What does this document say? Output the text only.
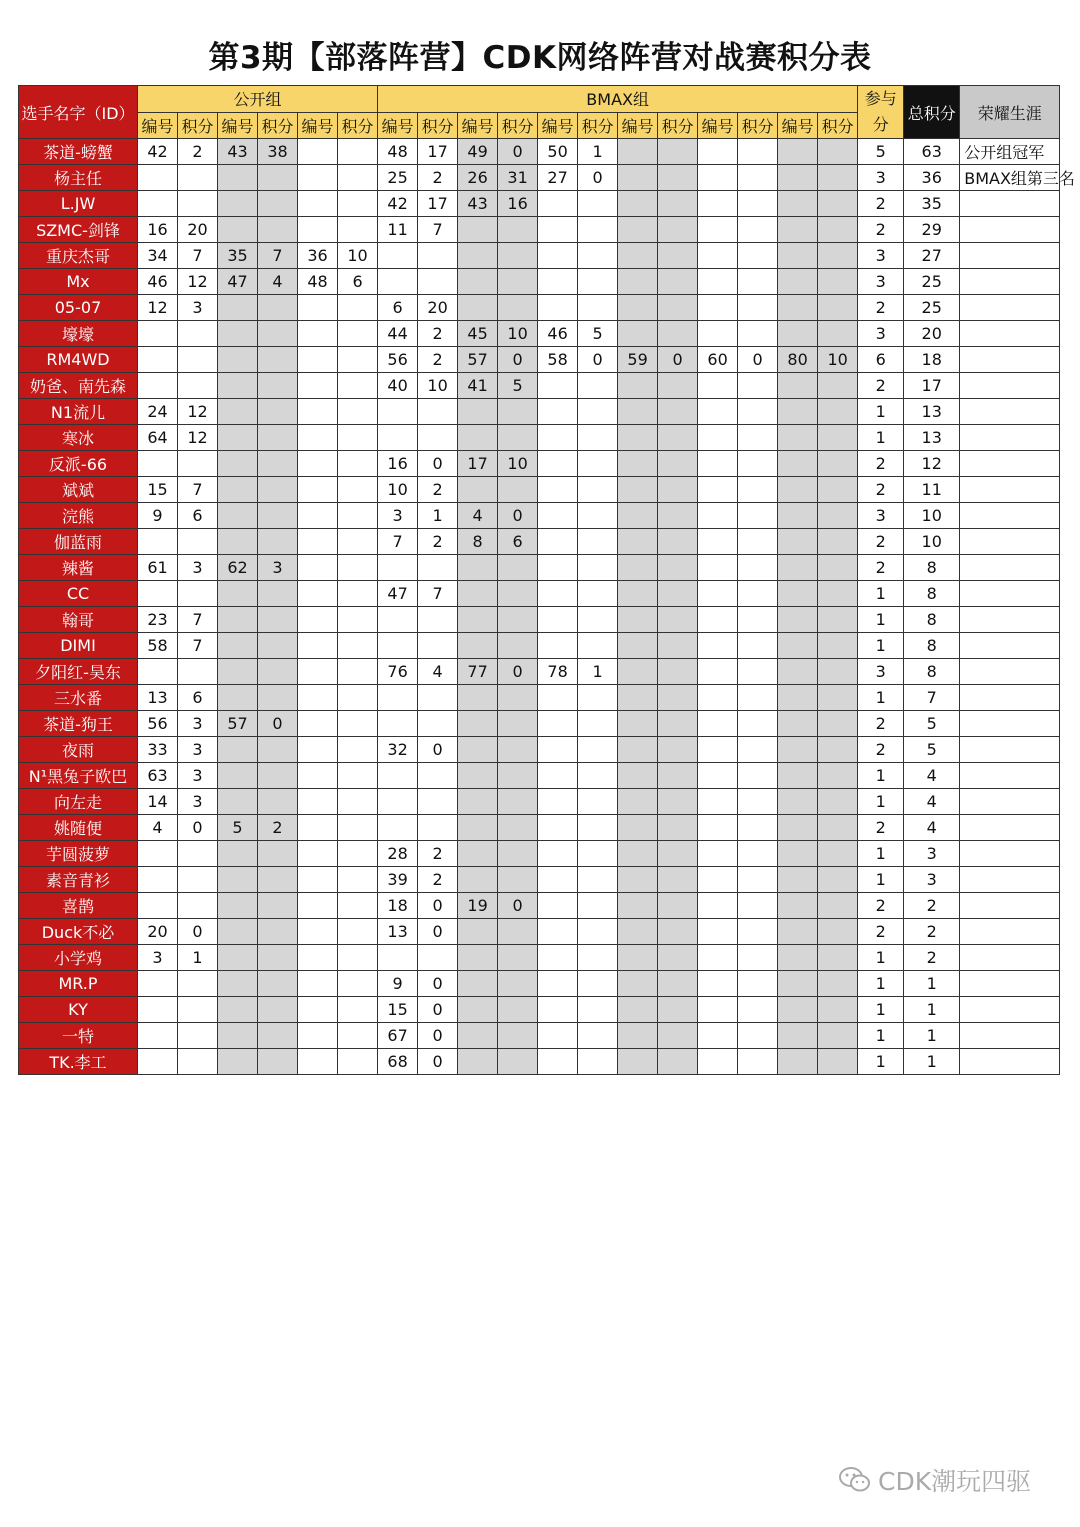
第3期【部落阵营】CDK网络阵营对战赛积分表
选手名字（ID）	公开组						BMAX组												参与分	总积分	荣耀生涯
	编号	积分	编号	积分	编号	积分	编号	积分	编号	积分	编号	积分	编号	积分	编号	积分	编号	积分			
茶道-螃蟹	42	2	43	38			48	17	49	0	50	1							5	63	公开组冠军
杨主任							25	2	26	31	27	0							3	36	BMAX组第三名
L.JW							42	17	43	16									2	35	
SZMC-剑锋	16	20					11	7											2	29	
重庆杰哥	34	7	35	7	36	10													3	27	
Mx	46	12	47	4	48	6													3	25	
05-07	12	3					6	20											2	25	
壕壕							44	2	45	10	46	5							3	20	
RM4WD							56	2	57	0	58	0	59	0	60	0	80	10	6	18	
奶爸、南先森							40	10	41	5									2	17	
N1流儿	24	12																	1	13	
寒冰	64	12																	1	13	
反派-66							16	0	17	10									2	12	
斌斌	15	7					10	2											2	11	
浣熊	9	6					3	1	4	0									3	10	
伽蓝雨							7	2	8	6									2	10	
辣酱	61	3	62	3															2	8	
CC							47	7											1	8	
翰哥	23	7																	1	8	
DIMI	58	7																	1	8	
夕阳红-昊东							76	4	77	0	78	1							3	8	
三水番	13	6																	1	7	
茶道-狗王	56	3	57	0															2	5	
夜雨	33	3					32	0											2	5	
N¹黑兔子欧巴	63	3																	1	4	
向左走	14	3																	1	4	
姚随便	4	0	5	2															2	4	
芋圆菠萝							28	2											1	3	
素音青衫							39	2											1	3	
喜鹊							18	0	19	0									2	2	
Duck不必	20	0					13	0											2	2	
小学鸡	3	1																	1	2	
MR.P							9	0											1	1	
KY							15	0											1	1	
一特							67	0											1	1	
TK.李工							68	0											1	1	
CDK潮玩四驱
